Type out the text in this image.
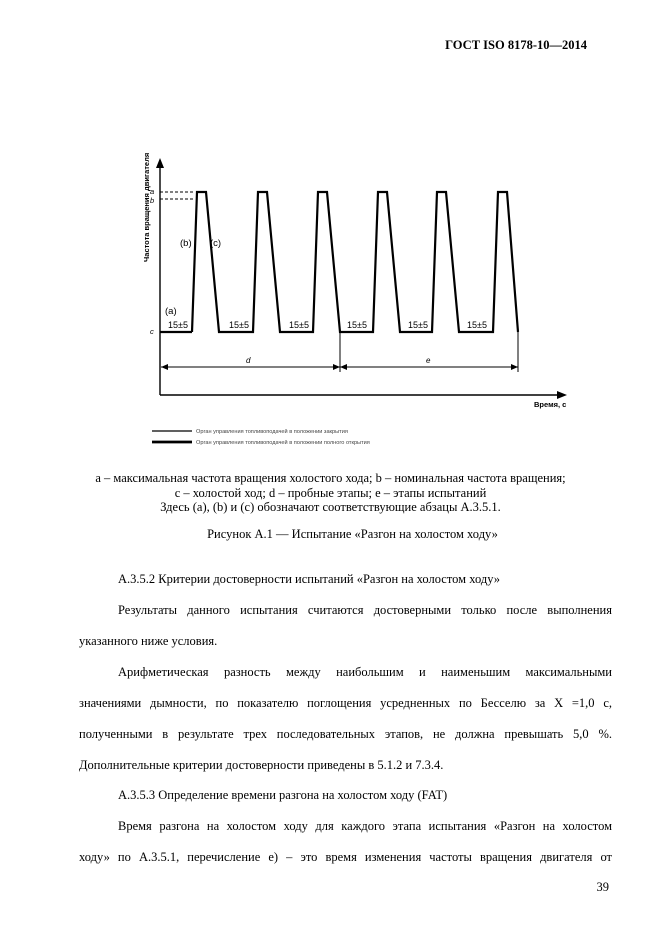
ГОСТ ISO 8178-10—2014
Частота вращения двигателя a
b
c
(a)
(b) (c)
15±5	15±5	15±5	15±5	15±5	15±5
d	e
Время, с
Орган управления топливоподачей в положении закрытия
Орган управления топливоподачей в положении полного открытия
a – максимальная частота вращения холостого хода; b – номинальная частота вращения;
c – холостой ход; d – пробные этапы; e – этапы испытаний
Здесь (a), (b) и (c) обозначают соответствующие абзацы А.3.5.1.
Рисунок А.1 — Испытание «Разгон на холостом ходу»
А.3.5.2 Критерии достоверности испытаний «Разгон на холостом ходу»
Результаты данного испытания считаются достоверными только после выполнения
указанного ниже условия.
Арифметическая разность между наибольшим и наименьшим максимальными
значениями дымности, по показателю поглощения усредненных по Бесселю за X =1,0 с,
полученными в результате трех последовательных этапов, не должна превышать 5,0 %.
Дополнительные критерии достоверности приведены в 5.1.2 и 7.3.4.
А.3.5.3 Определение времени разгона на холостом ходу (FAT)
Время разгона на холостом ходу для каждого этапа испытания «Разгон на холостом
ходу» по А.3.5.1, перечисление е) – это время изменения частоты вращения двигателя от
39
